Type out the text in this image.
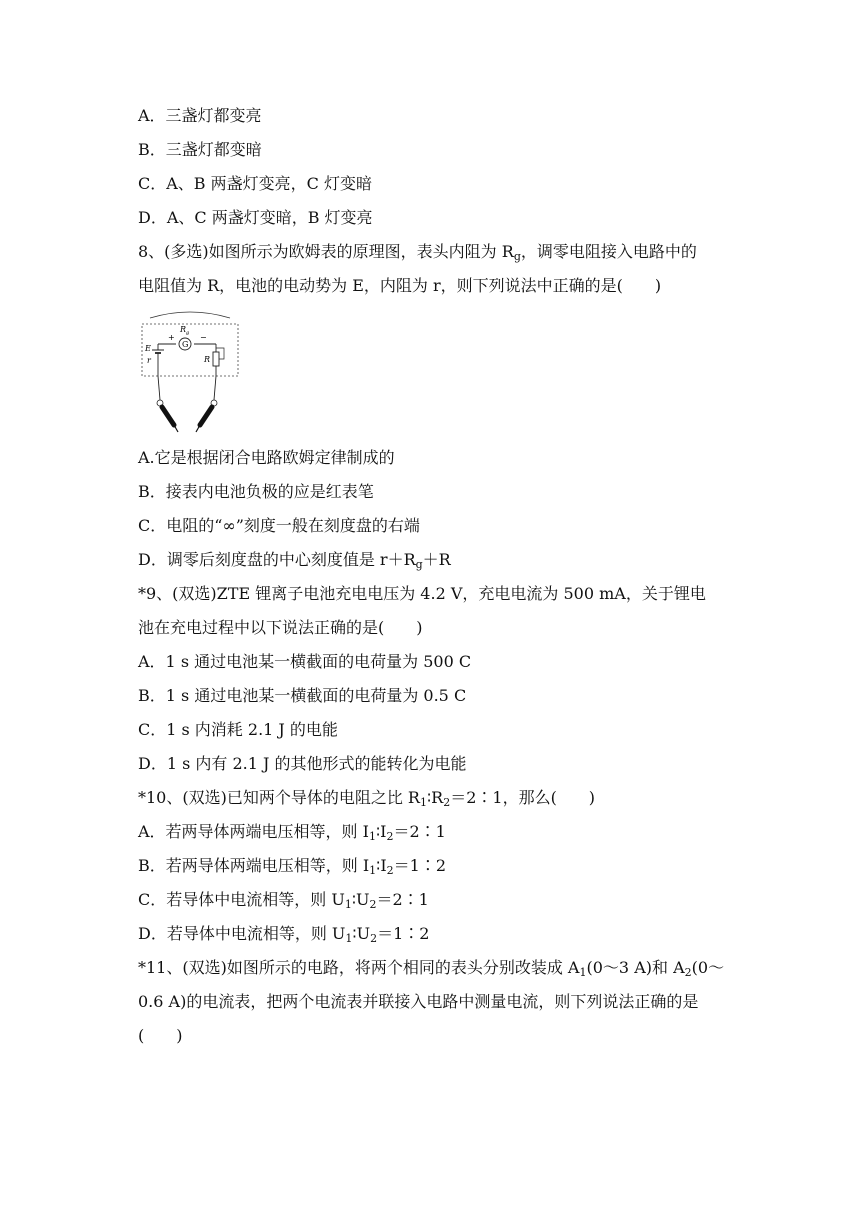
A．三盏灯都变亮
B．三盏灯都变暗
C．A、B 两盏灯变亮，C 灯变暗
D．A、C 两盏灯变暗，B 灯变亮
8、(多选)如图所示为欧姆表的原理图，表头内阻为 $R_g$，调零电阻接入电路中的
电阻值为 R，电池的电动势为 E，内阻为 r，则下列说法中正确的是(　　)
G
$R_g$
+	−
E
r	R
A.它是根据闭合电路欧姆定律制成的
B．接表内电池负极的应是红表笔
C．电阻的“∞”刻度一般在刻度盘的右端
D．调零后刻度盘的中心刻度值是 $r+R_g+R$
*9、(双选)ZTE 锂离子电池充电电压为 4.2 V，充电电流为 500 mA，关于锂电
池在充电过程中以下说法正确的是(　　)
A．1 s 通过电池某一横截面的电荷量为 500 C
B．1 s 通过电池某一横截面的电荷量为 0.5 C
C．1 s 内消耗 2.1 J 的电能
D．1 s 内有 2.1 J 的其他形式的能转化为电能
*10、(双选)已知两个导体的电阻之比 $R_1∶R_2=2∶1$，那么(　　)
A．若两导体两端电压相等，则 $I_1∶I_2=2∶1$
B．若两导体两端电压相等，则 $I_1∶I_2=1∶2$
C．若导体中电流相等，则 $U_1∶U_2=2∶1$
D．若导体中电流相等，则 $U_1∶U_2=1∶2$
*11、(双选)如图所示的电路，将两个相同的表头分别改装成 $A_1(0\sim 3$ A)和 $A_2(0\sim$
0.6 A)的电流表，把两个电流表并联接入电路中测量电流，则下列说法正确的是
(　　)
